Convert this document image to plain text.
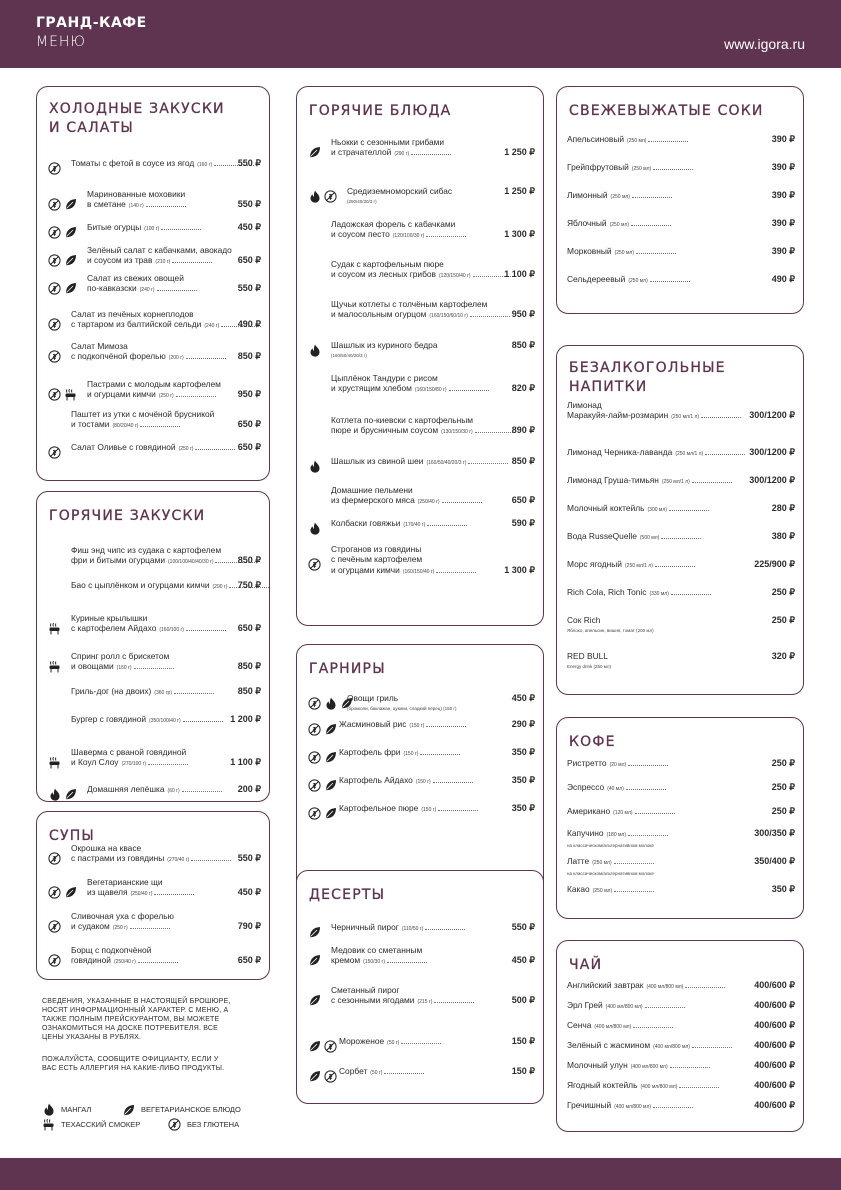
ГРАНД-КАФЕ
МЕНЮ	www.igora.ru
ХОЛОДНЫЕ ЗАКУСКИ
И САЛАТЫ
Томаты с фетой в соусе из ягод (160 г)	550 ₽
Маринованные моховики
в сметане (140 г)	550 ₽
Битые огурцы (100 г)	450 ₽
Зелёный салат с кабачками, авокадо
и соусом из трав (210 г)	650 ₽
Салат из свежих овощей
по-кавказски (240 г)	550 ₽
Салат из печёных корнеплодов
с тартаром из балтийской сельди (240 г) 490 ₽
Салат Мимоза
с подкопчёной форелью (200 г)	850 ₽
Пастрами с молодым картофелем
и огурцами кимчи (250 г)	950 ₽
Паштет из утки с мочёной брусникой
и тостами (80/20/40 г)	650 ₽
Салат Оливье с говядиной (250 г)	650 ₽
ГОРЯЧИЕ ЗАКУСКИ
Фиш энд чипс из судака с картофелем
фри и битыми огурцами (100/100/40/40/30 г)	850 ₽
Бао с цыплёнком и огурцами кимчи (290 г) 750 ₽
Куриные крылышки
с картофелем Айдахо (160/100 г)	650 ₽
Спринг ролл с брискетом
и овощами (160 г)	850 ₽
Гриль-дог (на двоих) (360 гр)	850 ₽
Бургер с говядиной (350/100/40 г)	1 200 ₽
Шаверма с рваной говядиной
и Коул Слоу (270/100 г)	1 100 ₽
Домашняя лепёшка (60 г)	200 ₽
СУПЫ
Окрошка на квасе
с пастрами из говядины (270/40 г)	550 ₽
Вегетарианские щи
из щавеля (250/40 г)	450 ₽
Сливочная уха с форелью
и судаком (250 г)	790 ₽
Борщ с подкопчёной
говядиной (250/40 г)	650 ₽
ГОРЯЧИЕ БЛЮДА
Ньокки с сезонными грибами
и страчателлой (290 г)	1 250 ₽
Средиземноморский сибас
(250/40/30/3 г)
1 250 ₽
Ладожская форель с кабачками
и соусом песто (120/100/30 г)	1 300 ₽
Судак с картофельным пюре
и соусом из лесных грибов (120/150/40 г)	1 100 ₽
Щучьи котлеты с толчёным картофелем
и малосольным огурцом (160/150/60/10 г)	950 ₽
Шашлык из куриного бедра
(160/50/40/20/3 г)
850 ₽
Цыплёнок Тандури с рисом
и хрустящим хлебом (160/150/80 г)	820 ₽
Котлета по-киевски с картофельным
пюре и брусничным соусом (130/150/30 г)	890 ₽
Шашлык из свиной шеи (160/50/40/20/3 г)	850 ₽
Домашние пельмени
из фермерского мяса (250/40 г)	650 ₽
Колбаски говяжьи (170/40 г)	590 ₽
Строганов из говядины
с печёным картофелем
и огурцами кимчи (160/150/40 г)	1 300 ₽
ГАРНИРЫ
Овощи гриль
(брокколи, баклажан, цукини, сладкий перец) (150 г)
450 ₽
Жасминовый рис (150 г)	290 ₽
Картофель фри (150 г)	350 ₽
Картофель Айдахо (150 г)	350 ₽
Картофельное пюре (150 г)	350 ₽
ДЕСЕРТЫ
Черничный пирог (110/50 г)	550 ₽
Медовик со сметанным
кремом (150/30 г)	450 ₽
Сметанный пирог
с сезонными ягодами (215 г)	500 ₽
Мороженое (50 г)	150 ₽
Сорбет (50 г)	150 ₽
СВЕЖЕВЫЖАТЫЕ СОКИ
Апельсиновый (250 мл)	390 ₽
Грейпфрутовый (250 мл)	390 ₽
Лимонный (250 мл)	390 ₽
Яблочный (250 мл)	390 ₽
Морковный (250 мл)	390 ₽
Сельдереевый (250 мл)	490 ₽
БЕЗАЛКОГОЛЬНЫЕ
НАПИТКИ
Лимонад
Маракуйя-лайм-розмарин (250 мл/1 л)	300/1200 ₽
Лимонад Черника-лаванда (250 мл/1 л)	300/1200 ₽
Лимонад Груша-тимьян (250 мл/1 л)	300/1200 ₽
Молочный коктейль (300 мл)	280 ₽
Вода RusseQuelle (500 мл)	380 ₽
Морс ягодный (250 мл/1 л)	225/900 ₽
Rich Cola, Rich Tonic (330 мл)	250 ₽
Сок Rich
Яблоко, апельсин, вишня, томат (200 мл)
250 ₽
RED BULL
Energy drink (250 мл)
320 ₽
КОФЕ
Ристретто (20 мл)	250 ₽
Эспрессо (40 мл)	250 ₽
Американо (120 мл)	250 ₽
Капучино (180 мл)
на классическом/альтернативном молоке
300/350 ₽
Латте (250 мл)
на классическом/альтернативном молоке
350/400 ₽
Какао (250 мл)	350 ₽
ЧАЙ
Английский завтрак (400 мл/800 мл)	400/600 ₽
Эрл Грей (400 мл/800 мл)	400/600 ₽
Сенча (400 мл/800 мл)	400/600 ₽
Зелёный с жасмином (400 мл/800 мл)	400/600 ₽
Молочный улун (400 мл/800 мл)	400/600 ₽
Ягодный коктейль (400 мл/800 мл)	400/600 ₽
Гречишный (400 мл/800 мл)	400/600 ₽
СВЕДЕНИЯ, УКАЗАННЫЕ В НАСТОЯЩЕЙ БРОШЮРЕ,
НОСЯТ ИНФОРМАЦИОННЫЙ ХАРАКТЕР. С МЕНЮ, А
ТАКЖЕ ПОЛНЫМ ПРЕЙСКУРАНТОМ, ВЫ МОЖЕТЕ
ОЗНАКОМИТЬСЯ НА ДОСКЕ ПОТРЕБИТЕЛЯ. ВСЕ
ЦЕНЫ УКАЗАНЫ В РУБЛЯХ.
ПОЖАЛУЙСТА, СООБЩИТЕ ОФИЦИАНТУ, ЕСЛИ У
ВАС ЕСТЬ АЛЛЕРГИЯ НА КАКИЕ-ЛИБО ПРОДУКТЫ.
МАНГАЛ	ВЕГЕТАРИАНСКОЕ БЛЮДО
ТЕХАССКИЙ СМОКЕР	БЕЗ ГЛЮТЕНА
